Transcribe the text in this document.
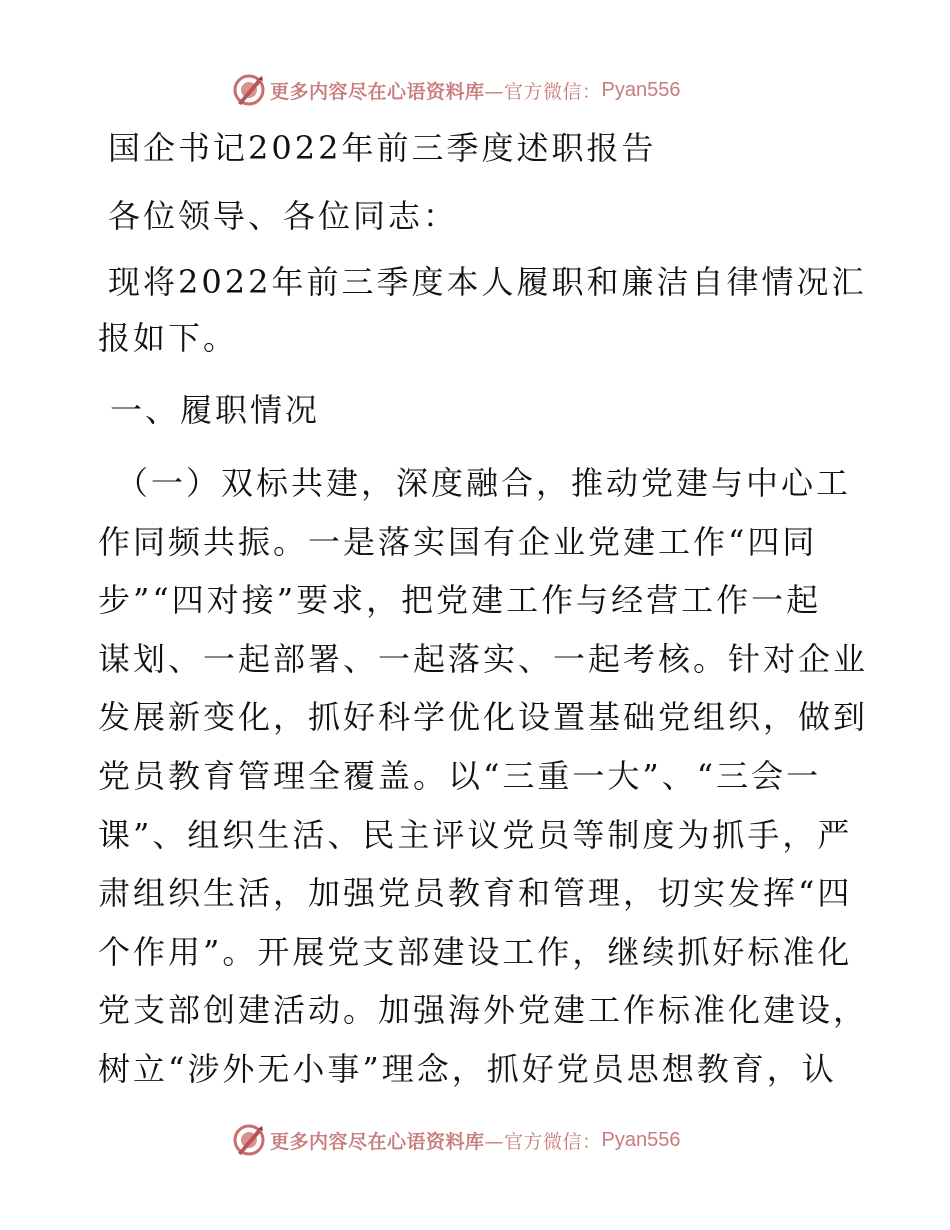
更多内容尽在心语资料库 —官方微信： Pyan556

国企书记2022年前三季度述职报告

各位领导、各位同志：

现将2022年前三季度本人履职和廉洁自律情况汇

报如下。

一、履职情况

（一）双标共建，深度融合，推动党建与中心工

作同频共振。一是落实国有企业党建工作“四同

步”“四对接”要求，把党建工作与经营工作一起

谋划、一起部署、一起落实、一起考核。针对企业

发展新变化，抓好科学优化设置基础党组织，做到

党员教育管理全覆盖。以“三重一大”、“三会一

课”、组织生活、民主评议党员等制度为抓手，严

肃组织生活，加强党员教育和管理，切实发挥“四

个作用”。开展党支部建设工作，继续抓好标准化

党支部创建活动。加强海外党建工作标准化建设，

树立“涉外无小事”理念，抓好党员思想教育，认

更多内容尽在心语资料库 —官方微信： Pyan556
